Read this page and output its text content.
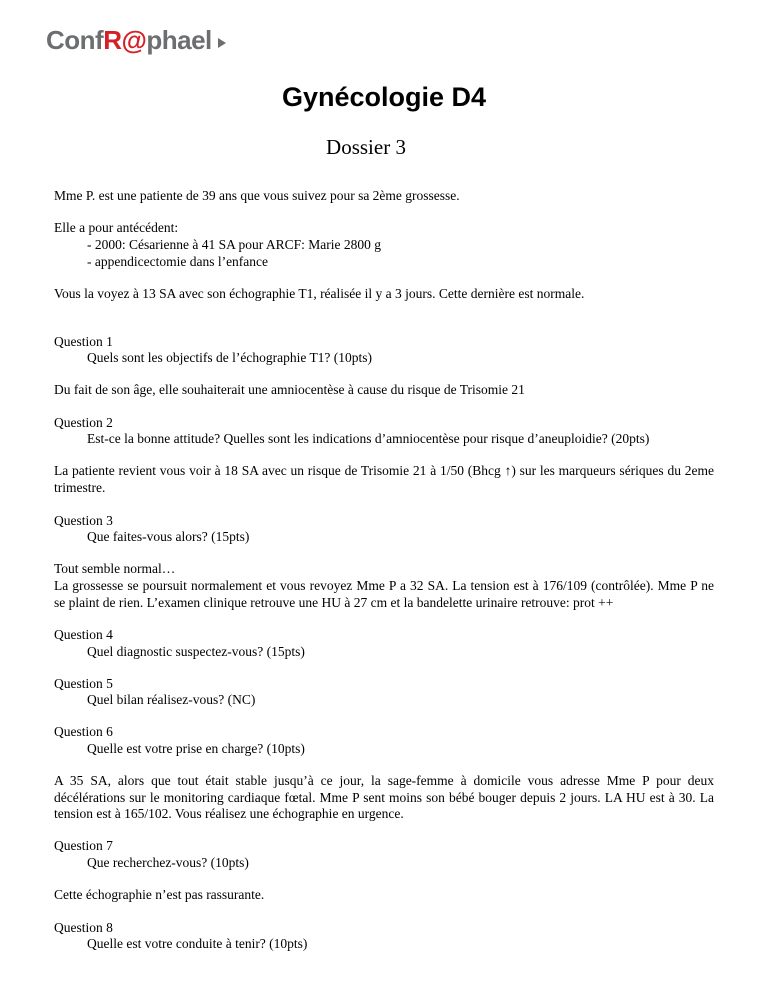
Conf R@ phael
Gynécologie D4
Dossier 3

Mme P. est une patiente de 39 ans que vous suivez pour sa 2ème grossesse.

Elle a pour antécédent:

- 2000: Césarienne à 41 SA pour ARCF: Marie 2800 g
- appendicectomie dans l’enfance

Vous la voyez à 13 SA avec son échographie T1, réalisée il y a 3 jours. Cette dernière est normale.

Question 1

Quels sont les objectifs de l’échographie T1? (10pts)

Du fait de son âge, elle souhaiterait une amniocentèse à cause du risque de Trisomie 21

Question 2

Est-ce la bonne attitude? Quelles sont les indications d’amniocentèse pour risque d’aneuploidie? (20pts)

La patiente revient vous voir à 18 SA avec un risque de Trisomie 21 à 1/50 (Bhcg ↑) sur les marqueurs sériques du 2eme trimestre.

Question 3

Que faites-vous alors? (15pts)

Tout semble normal…

La grossesse se poursuit normalement et vous revoyez Mme P a 32 SA. La tension est à 176/109 (contrôlée). Mme P ne se plaint de rien. L’examen clinique retrouve une HU à 27 cm et la bandelette urinaire retrouve: prot ++

Question 4

Quel diagnostic suspectez-vous? (15pts)

Question 5

Quel bilan réalisez-vous? (NC)

Question 6

Quelle est votre prise en charge? (10pts)

A 35 SA, alors que tout était stable jusqu’à ce jour, la sage-femme à domicile vous adresse Mme P pour deux décélérations sur le monitoring cardiaque fœtal. Mme P sent moins son bébé bouger depuis 2 jours. LA HU est à 30. La tension est à 165/102. Vous réalisez une échographie en urgence.

Question 7

Que recherchez-vous? (10pts)

Cette échographie n’est pas rassurante.

Question 8

Quelle est votre conduite à tenir? (10pts)
